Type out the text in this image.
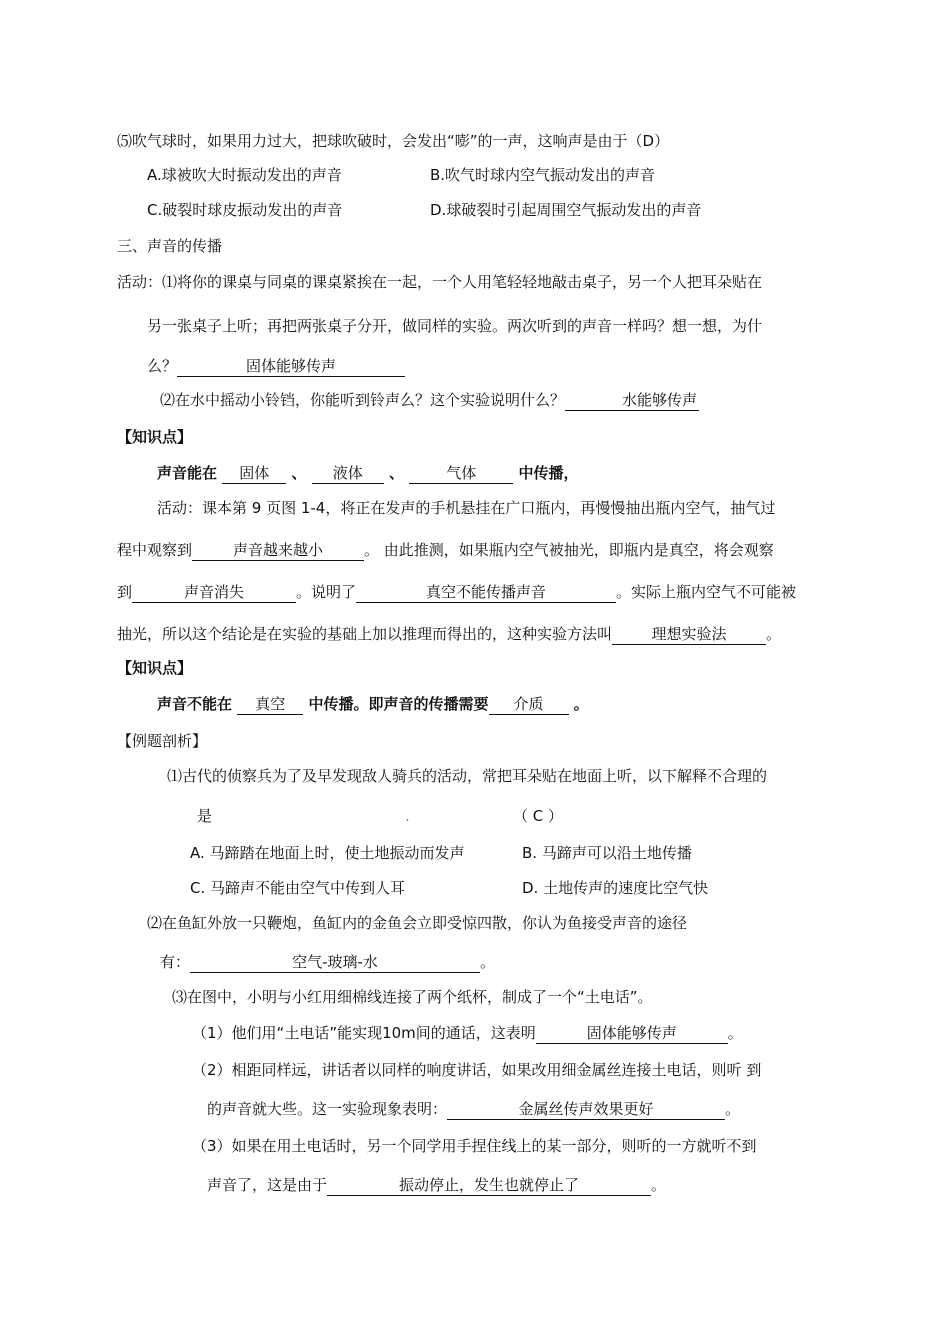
⑸吹气球时，如果用力过大，把球吹破时，会发出“嘭”的一声，这响声是由于（D）
A.球被吹大时振动发出的声音	B.吹气时球内空气振动发出的声音
C.破裂时球皮振动发出的声音	D.球破裂时引起周围空气振动发出的声音
三、声音的传播
活动：⑴将你的课桌与同桌的课桌紧挨在一起，一个人用笔轻轻地敲击桌子，另一个人把耳朵贴在
另一张桌子上听；再把两张桌子分开，做同样的实验。两次听到的声音一样吗？想一想，为什
么？	固体能够传声
⑵在水中摇动小铃铛，你能听到铃声么？这个实验说明什么？	水能够传声
【知识点】
声音能在 固体 、 液体 、	气体	中传播，
活动：课本第 9 页图 1-4，将正在发声的手机悬挂在广口瓶内，再慢慢抽出瓶内空气，抽气过
程中观察到	声音越来越小	。 由此推测，如果瓶内空气被抽光，即瓶内是真空，将会观察
到	声音消失	。说明了	真空不能传播声音	。实际上瓶内空气不可能被
抽光，所以这个结论是在实验的基础上加以推理而得出的，这种实验方法叫	理想实验法	。
【知识点】
声音不能在 真空 中传播。即声音的传播需要 介质 。
【例题剖析】
⑴古代的侦察兵为了及早发现敌人骑兵的活动，常把耳朵贴在地面上听，以下解释不合理的
是	.	（ C ）
A. 马蹄踏在地面上时，使土地振动而发声	B. 马蹄声可以沿土地传播
C. 马蹄声不能由空气中传到人耳	D. 土地传声的速度比空气快
⑵在鱼缸外放一只鞭炮，鱼缸内的金鱼会立即受惊四散，你认为鱼接受声音的途径
有：	空气-玻璃-水	。
⑶在图中，小明与小红用细棉线连接了两个纸杯，制成了一个“土电话”。
（1）他们用“土电话”能实现10m间的通话，这表明	固体能够传声	。
（2）相距同样远，讲话者以同样的响度讲话，如果改用细金属丝连接土电话，则听 到
的声音就大些。这一实验现象表明：	金属丝传声效果更好	。
（3）如果在用土电话时，另一个同学用手捏住线上的某一部分，则听的一方就听不到
声音了，这是由于	振动停止，发生也就停止了	。
